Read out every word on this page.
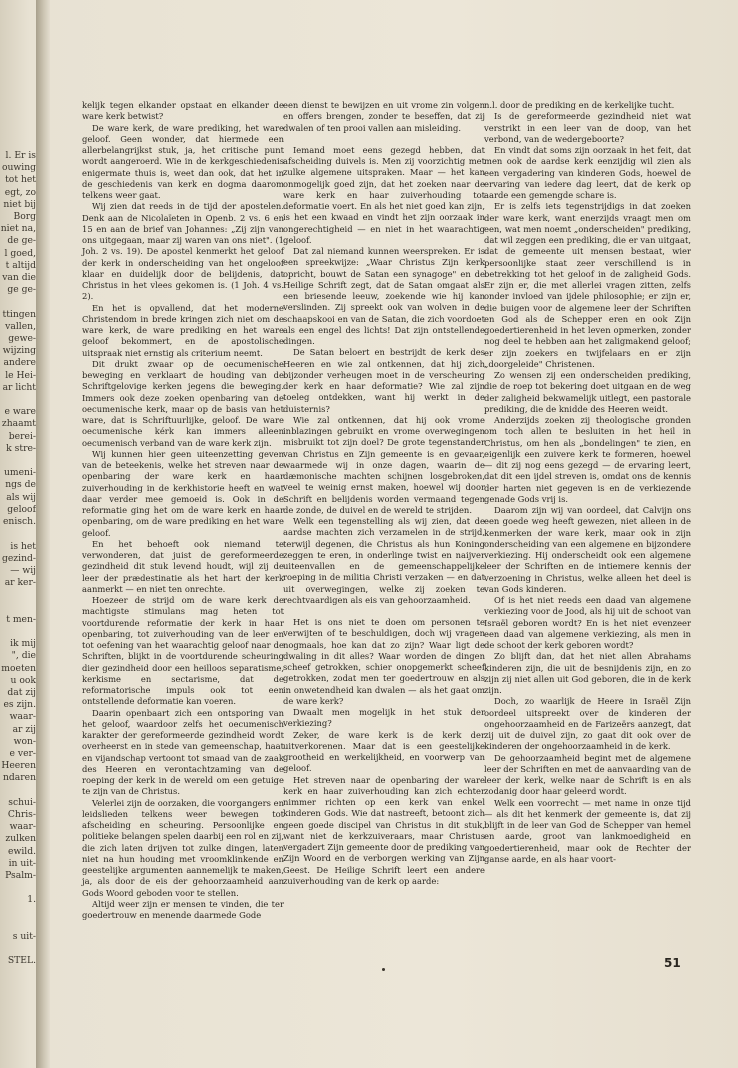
l. Er is
ouwing
tot het
egt, zo
niet bij
Borg
niet na,
de ge-
l goed,
t altijd
van die
ge ge-

ttingen
vallen,
gewe-
wijzing
andere
le Hei-
ar licht

e ware
zhaamt
berei-
k stre-

umeni-
ngs de
als wij
geloof
enisch.

is het
gezind-
— wij
ar ker-

t men-

ik mij
", die
moeten
u ook
dat zij
es zijn.
waar-
ar zij
won-
e ver-
Heeren
ndaren

schui-
Chris-
waar-
zulken
ewild.
in uit-
Psalm-

1.

s uit-

STEL.

kelijk tegen elkander opstaat en elkander de ware kerk betwist?

De ware kerk, de ware prediking, het ware geloof. Geen wonder, dat hiermede een allerbelangrijkst stuk, ja, het critische punt wordt aangeroerd. Wie in de kerkgeschiedenis enigermate thuis is, weet dan ook, dat het in de geschiedenis van kerk en dogma daarom telkens weer gaat.

Wij zien dat reeds in de tijd der apostelen. Denk aan de Nicolaïeten in Openb. 2 vs. 6 en 15 en aan de brief van Johannes: „Zij zijn van ons uitgegaan, maar zij waren van ons niet". (1 Joh. 2 vs. 19). De apostel kenmerkt het geloof der kerk in onderscheiding van het ongeloof klaar en duidelijk door de belijdenis, dat Christus in het vlees gekomen is. (1 Joh. 4 vs. 2).

En het is opvallend, dat het moderne Christendom in brede kringen zich niet om de ware kerk, de ware prediking en het ware geloof bekommert, en de apostolische uitspraak niet ernstig als criterium neemt.

Dit drukt zwaar op de oecumenische beweging en verklaart de houding van de Schriftgelovige kerken jegens die beweging. Immers ook deze zoeken openbaring van de oecumenische kerk, maar op de basis van het ware, dat is Schriftuurlijke, geloof. De ware oecumenische kérk kan immers alleen oecumenisch verband van de ware kerk zijn.

Wij kunnen hier geen uiteenzetting geven van de beteekenis, welke het streven naar de openbaring der ware kerk en haar zuiverhouding in de kerkhistorie heeft en wat daar verder mee gemoeid is. Ook in de reformatie ging het om de ware kerk en haar openbaring, om de ware prediking en het ware geloof.

En het behoeft ook niemand te verwonderen, dat juist de gereformeerde gezindheid dit stuk levend houdt, wijl zij de leer der prædestinatie als het hart der kerk aanmerkt — en niet ten onrechte.

Hoezeer de strijd om de ware kerk de machtigste stimulans mag heten tot voortdurende reformatie der kerk in haar openbaring, tot zuiverhouding van de leer en tot oefening van het waarachtig geloof naar de Schriften, blijkt in de voortdurende scheuring dier gezindheid door een heilloos separatisme, kerkisme en sectarisme, dat de reformatorische impuls ook tot een ontstellende deformatie kan voeren.

Daarin openbaart zich een ontsporing van het geloof, waardoor zelfs het oecumenisch karakter der gereformeerde gezindheid wordt overheerst en in stede van gemeenschap, haat en vijandschap vertoont tot smaad van de zaak des Heeren en verontachtzaming van de roeping der kerk in de wereld om een getuige te zijn van de Christus.

Velerlei zijn de oorzaken, die voorgangers en leidslieden telkens weer bewegen tot afscheiding en scheuring. Persoonlijke en politieke belangen spelen daarbij een rol en zij, die zich laten drijven tot zulke dingen, laten niet na hun houding met vroomklinkende en geestelijke argumenten aannemelijk te maken, ja, als door de eis der gehoorzaamheid aan Gods Woord geboden voor te stellen.

Altijd weer zijn er mensen te vinden, die ter goedertrouw en menende daarmede Gode

een dienst te bewijzen en uit vrome zin volgen en offers brengen, zonder te beseffen, dat zij dwalen of ten prooi vallen aan misleiding.

Iemand moet eens gezegd hebben, dat afscheiding duivels is. Men zij voorzichtig met zulke algemene uitspraken. Maar — het kan onmogelijk goed zijn, dat het zoeken naar de ware kerk en haar zuiverhouding tot deformatie voert. En als het niet goed kan zijn, is het een kwaad en vindt het zijn oorzaak in ongerechtigheid — en niet in het waarachtig geloof.

Dat zal niemand kunnen weerspreken. Er is een spreekwijze: „Waar Christus Zijn kerk opricht, bouwt de Satan een synagoge" en de Heilige Schrift zegt, dat de Satan omgaat als een briesende leeuw, zoekende wie hij kan verslinden. Zij spreekt ook van wolven in de schaapskooi en van de Satan, die zich voordoet als een engel des lichts! Dat zijn ontstellende dingen.

De Satan beloert en bestrijdt de kerk des Heeren en wie zal ontkennen, dat hij zich bijzonder verheugen moet in de verscheuring der kerk en haar deformatie? Wie zal zijn toeleg ontdekken, want hij werkt in de duisternis?

Wie zal ontkennen, dat hij ook vrome inblazingen gebruikt en vrome overwegingen misbruikt tot zijn doel? De grote tegenstander van Christus en Zijn gemeente is en gevaar, waarmede wij in onze dagen, waarin de dæmonische machten schijnen losgebroken, veel te weinig ernst maken, hoewel wij door Schrift en belijdenis worden vermaand tegen de zonde, de duivel en de wereld te strijden.

Welk een tegenstelling als wij zien, dat de aardse machten zich verzamelen in de strijd, terwijl degenen, die Christus als hun Koning zeggen te eren, in onderlinge twist en naijver uiteenvallen en de gemeenschappelijke roeping in de militia Christi verzaken — en dat uit overwegingen, welke zij zoeken te rechtvaardigen als eis van gehoorzaamheid.

Het is ons niet te doen om personen te verwijten of te beschuldigen, doch wij vragen nogmaals, hoe kan dat zo zijn? Waar ligt de dwaling in dit alles? Waar worden de dingen scheef getrokken, schier onopgemerkt scheef getrokken, zodat men ter goedertrouw en als in onwetendheid kan dwalen — als het gaat om de ware kerk?

Dwaalt men mogelijk in het stuk der verkiezing?

Zeker, de ware kerk is de kerk der uitverkorenen. Maar dat is een geestelijke grootheid en werkelijkheid, en voorwerp van geloof.

Het streven naar de openbaring der ware kerk en haar zuiverhouding kan zich echter nimmer richten op een kerk van enkel kinderen Gods. Wie dat nastreeft, betoont zich geen goede discipel van Christus in dit stuk, want niet de kerkzuiveraars, maar Christus vergadert Zijn gemeente door de prediking van Zijn Woord en de verborgen werking van Zijn Geest. De Heilige Schrift leert een andere zuiverhouding van de kerk op aarde:

n.l. door de prediking en de kerkelijke tucht.

Is de gereformeerde gezindheid niet wat verstrikt in een leer van de doop, van het verbond, van de wedergeboorte?

En vindt dat soms zijn oorzaak in het feit, dat men ook de aardse kerk eenzijdig wil zien als een vergadering van kinderen Gods, hoewel de ervaring van iedere dag leert, dat de kerk op aarde een gemengde schare is.

Er is zelfs iets tegenstrijdigs in dat zoeken der ware kerk, want enerzijds vraagt men om een, wat men noemt „onderscheiden" prediking, dat wil zeggen een prediking, die er van uitgaat, dat de gemeente uit mensen bestaat, wier persoonlijke staat zeer verschillend is in betrekking tot het geloof in de zaligheid Gods. Er zijn er, die met allerlei vragen zitten, zelfs onder invloed van ijdele philosophie; er zijn er, die buigen voor de algemene leer der Schriften en God als de Schepper eren en ook Zijn goedertierenheid in het leven opmerken, zonder nog deel te hebben aan het zaligmakend geloof; er zijn zoekers en twijfelaars en er zijn „doorgeleide" Christenen.

Zo wensen zij een onderscheiden prediking, die de roep tot bekering doet uitgaan en de weg der zaligheid bekwamelijk uitlegt, een pastorale prediking, die de knidde des Heeren weidt.

Anderzijds zoeken zij theologische gronden om toch allen te besluiten in het heil in Christus, om hen als „bondelingen" te zien, en eigenlijk een zuivere kerk te formeren, hoewel — dit zij nog eens gezegd — de ervaring leert, dat dit een ijdel streven is, omdat ons de kennis der harten niet gegeven is en de verkiezende genade Gods vrij is.

Daarom zijn wij van oordeel, dat Calvijn ons een goede weg heeft gewezen, niet alleen in de kenmerken der ware kerk, maar ook in zijn onderscheiding van een algemene en bijzondere verkiezing. Hij onderscheidt ook een algemene leer der Schriften en de intiemere kennis der verzoening in Christus, welke alleen het deel is van Gods kinderen.

Of is het niet reeds een daad van algemene verkiezing voor de Jood, als hij uit de schoot van Israël geboren wordt? En is het niet evenzeer een daad van algemene verkiezing, als men in de schoot der kerk geboren wordt?

Zo blijft dan, dat het niet allen Abrahams kinderen zijn, die uit de besnijdenis zijn, en zo zijn zij niet allen uit God geboren, die in de kerk zijn.

Doch, zo waarlijk de Heere in Israël Zijn oordeel uitspreekt over de kinderen der ongehoorzaamheid en de Farizeërs aanzegt, dat zij uit de duivel zijn, zo gaat dit ook over de kinderen der ongehoorzaamheid in de kerk.

De gehoorzaamheid begint met de algemene leer der Schriften en met de aanvaarding van de leer der kerk, welke naar de Schrift is en als zodanig door haar geleerd wordt.

Welk een voorrecht — met name in onze tijd — als dit het kenmerk der gemeente is, dat zij blijft in de leer van God de Schepper van hemel en aarde, groot van lankmoedigheid en goedertierenheid, maar ook de Rechter der ganse aarde, en als haar voort-

51
